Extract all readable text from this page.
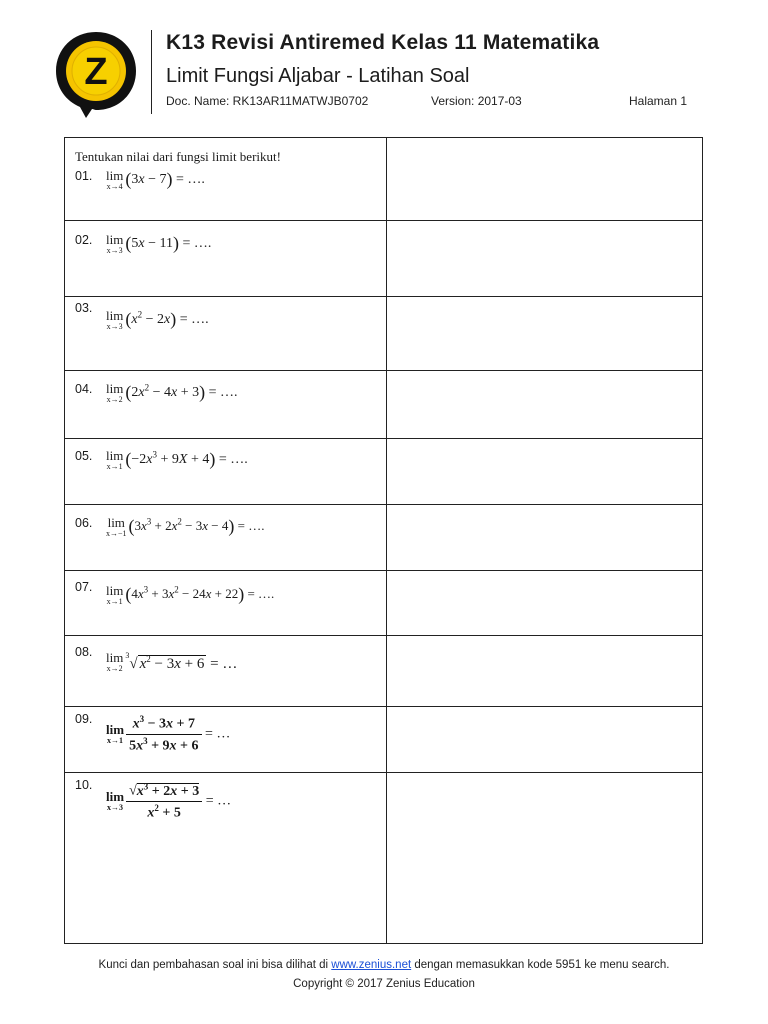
Z
K13 Revisi Antiremed Kelas 11 Matematika
Limit Fungsi Aljabar - Latihan Soal
Doc. Name: RK13AR11MATWJB0702	Version: 2017-03	Halaman 1
Tentukan nilai dari fungsi limit berikut!
01. lim
x→4 (3x − 7) = ….
02. lim
x→3 (5x − 11) = ….
03. lim
x→3 $(x^2 - 2x)$ = ….
04. lim
x→2 $(2x^2 - 4x + 3)$ = ….
05. lim
x→1 $(-2x^3 + 9X + 4)$ = ….
06. lim
x→−1 $(3x^3 + 2x^2 - 3x - 4)$ = ….
07. lim
x→1 $(4x^3 + 3x^2 - 24x + 22)$ = ….
08. lim
x→2
$^3$√ $x^2 - 3x + 6$ = …
09.
lim
$x\to 1 \frac{x^3 - 3x + 7}{5x^3 + 9x + 6}$ = …
10.
lim
$x\to 3 \frac{√x^3 + 2x + 3}{x^2 + 5}$ = …
Kunci dan pembahasan soal ini bisa dilihat di www.zenius.net dengan memasukkan kode 5951 ke menu search.
Copyright © 2017 Zenius Education
